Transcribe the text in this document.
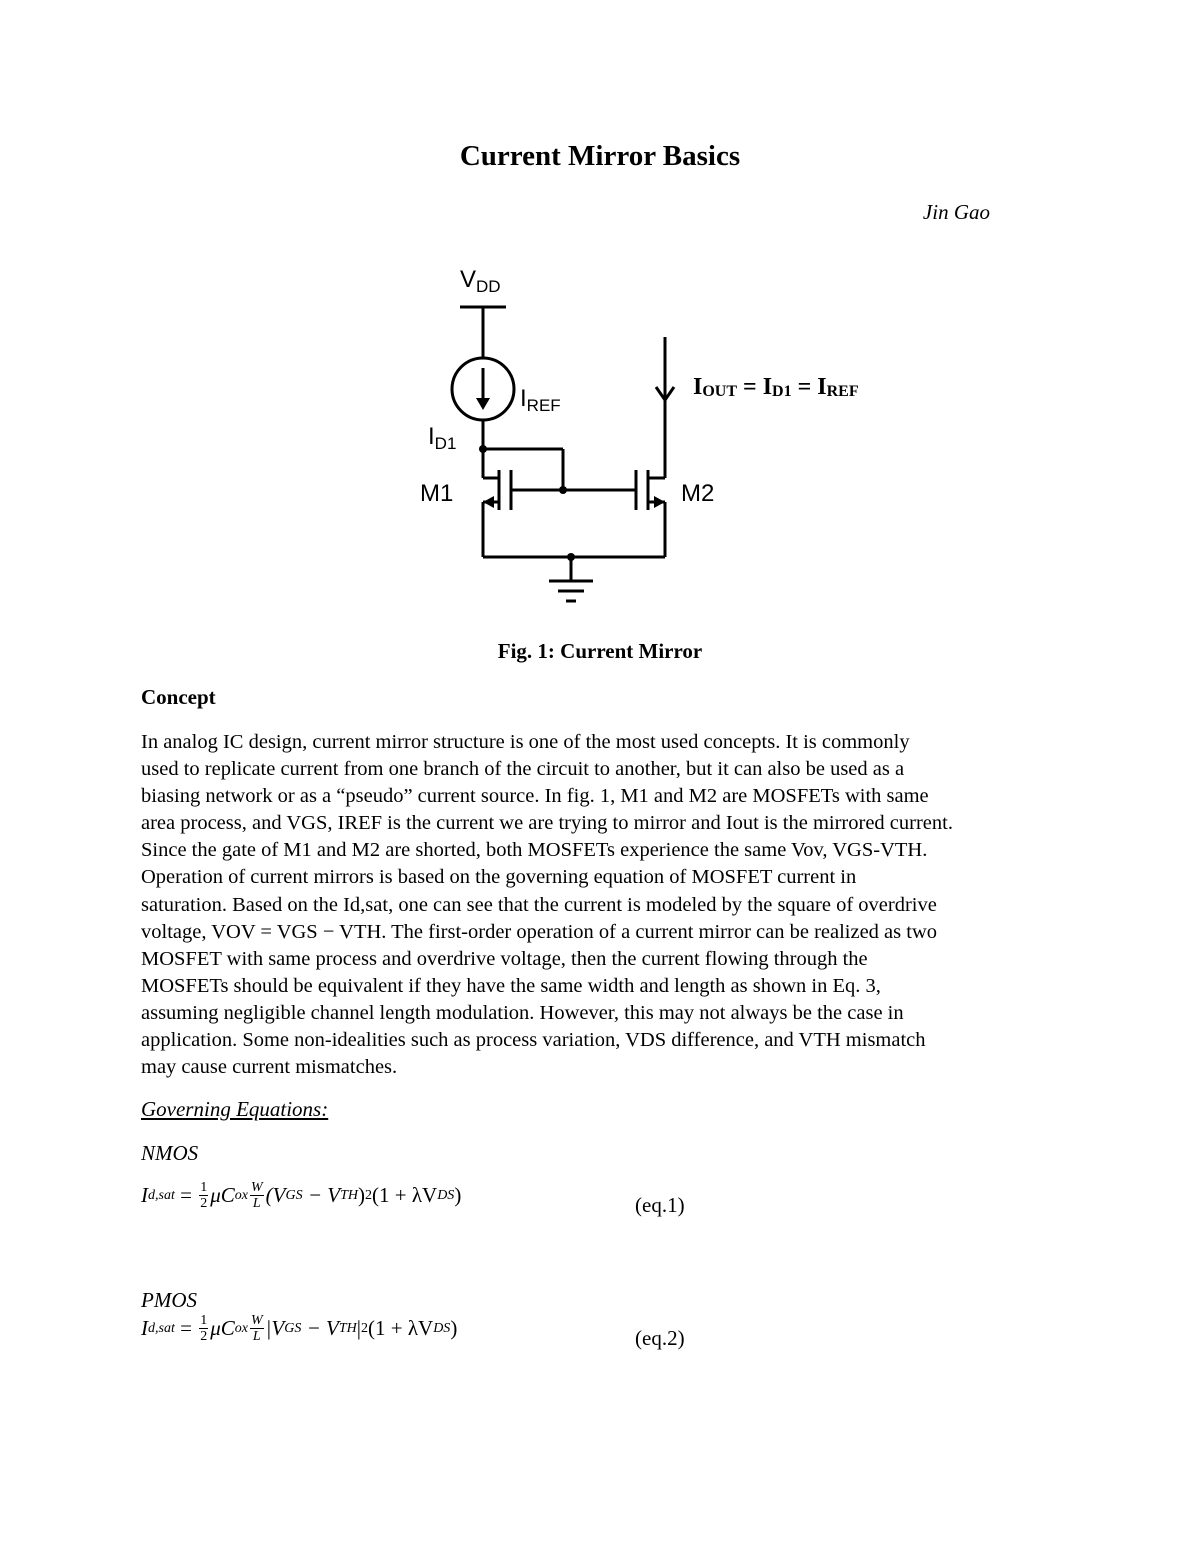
Current Mirror Basics
Jin Gao
$V_{DD}$
$I_{REF}$
$I_{D1}$
M1	M2
IOUT = ID1 = IREF
Fig. 1: Current Mirror
Concept
In analog IC design, current mirror structure is one of the most used concepts. It is commonly
used to replicate current from one branch of the circuit to another, but it can also be used as a
biasing network or as a “pseudo” current source. In fig. 1, M1 and M2 are MOSFETs with same
area process, and VGS, IREF is the current we are trying to mirror and Iout is the mirrored current.
Since the gate of M1 and M2 are shorted, both MOSFETs experience the same Vov, VGS-VTH.
Operation of current mirrors is based on the governing equation of MOSFET current in
saturation. Based on the Id,sat, one can see that the current is modeled by the square of overdrive
voltage, VOV = VGS − VTH. The first-order operation of a current mirror can be realized as two
MOSFET with same process and overdrive voltage, then the current flowing through the
MOSFETs should be equivalent if they have the same width and length as shown in Eq. 3,
assuming negligible channel length modulation. However, this may not always be the case in
application. Some non-idealities such as process variation, VDS difference, and VTH mismatch
may cause current mismatches.
Governing Equations:
NMOS
I $d,sat = \frac{1}{2}$ μC ox $\frac{W}{L} (V$ GS − V TH ) 2 (1 + λV DS )	(eq.1)
PMOS
I $d,sat = \frac{1}{2}$ μC ox $\frac{W}{L} |V$ GS − V TH | 2 (1 + λV DS )	(eq.2)
